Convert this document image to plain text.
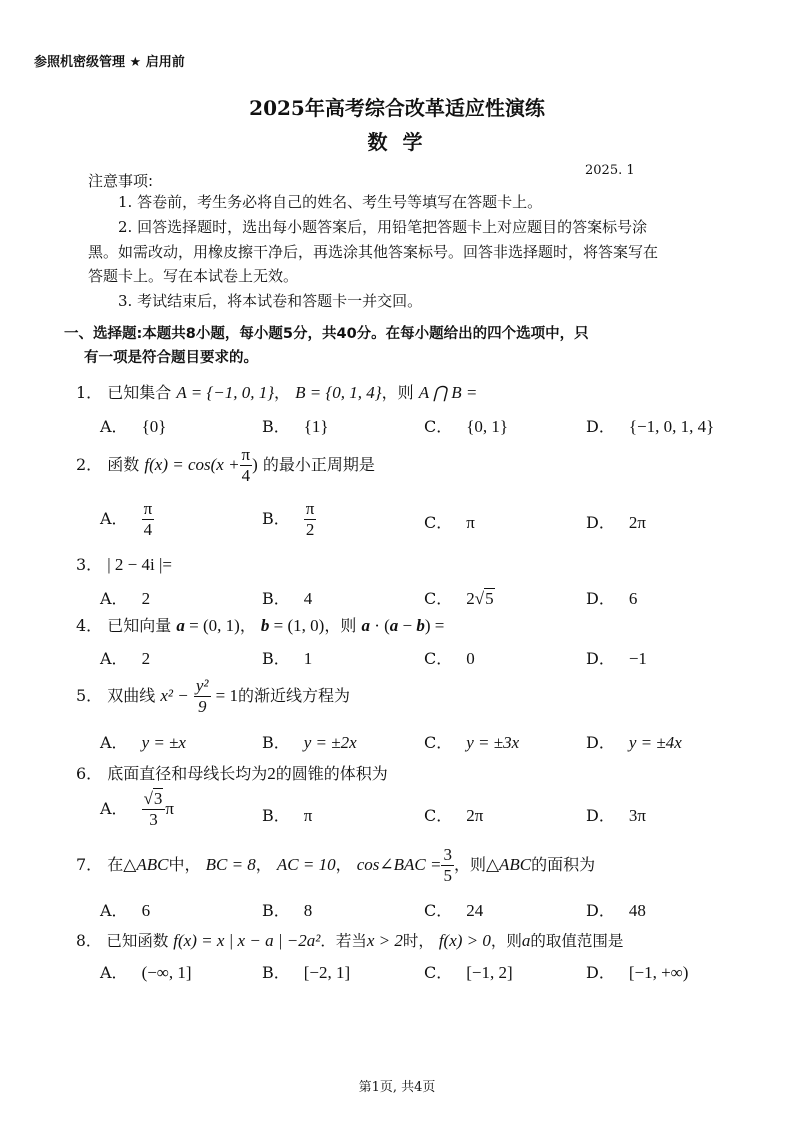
参照机密级管理 ★ 启用前
2025年高考综合改革适应性演练
数 学
2025. 1
注意事项:
1. 答卷前，考生务必将自己的姓名、考生号等填写在答题卡上。
2. 回答选择题时，选出每小题答案后，用铅笔把答题卡上对应题目的答案标号涂
黑。如需改动，用橡皮擦干净后，再选涂其他答案标号。回答非选择题时，将答案写在
答题卡上。写在本试卷上无效。
3. 考试结束后，将本试卷和答题卡一并交回。
一、选择题:本题共8小题，每小题5分，共40分。在每小题给出的四个选项中，只
有一项是符合题目要求的。
1． 已知集合 A = {−1, 0, 1}， B = {0, 1, 4}，则 A ⋂ B =
A． {0}	B． {1}	C． {0, 1}	D． {−1, 0, 1, 4}
2． 函数 $f(x) = \cos(x + \frac{\pi}{4}$ ) 的最小正周期是
A． $\frac{\pi}{4}$	B． $\frac{\pi}{2}$	C． π	D． 2π
3． | 2 − 4i |=
A． 2	B． 4	C． 2√5	D． 6
4． 已知向量 a = (0, 1)， b = (1, 0)，则 a · (a − b) =
A． 2	B． 1	C． 0	D． −1
5． 双曲线 $x^2 - \frac{\text{y²}}{9} = 1$的渐近线方程为
A． y = ±x	B． y = ±2x	C． y = ±3x	D． y = ±4x
6． 底面直径和母线长均为2的圆锥的体积为
A． $\frac{√3}{3}$ π	B． π	C． 2π	D． 3π
7． 在△ABC中， BC = 8， AC = 10， cos∠BAC = $\frac{3}{5}$ ，则△ABC的面积为
A． 6	B． 8	C． 24	D． 48
8． 已知函数 f(x) = x | x − a | −2a²．若当x > 2时， f(x) > 0，则a的取值范围是
A． (−∞, 1]	B． [−2, 1]	C． [−1, 2]	D． [−1, +∞)
第1页, 共4页
